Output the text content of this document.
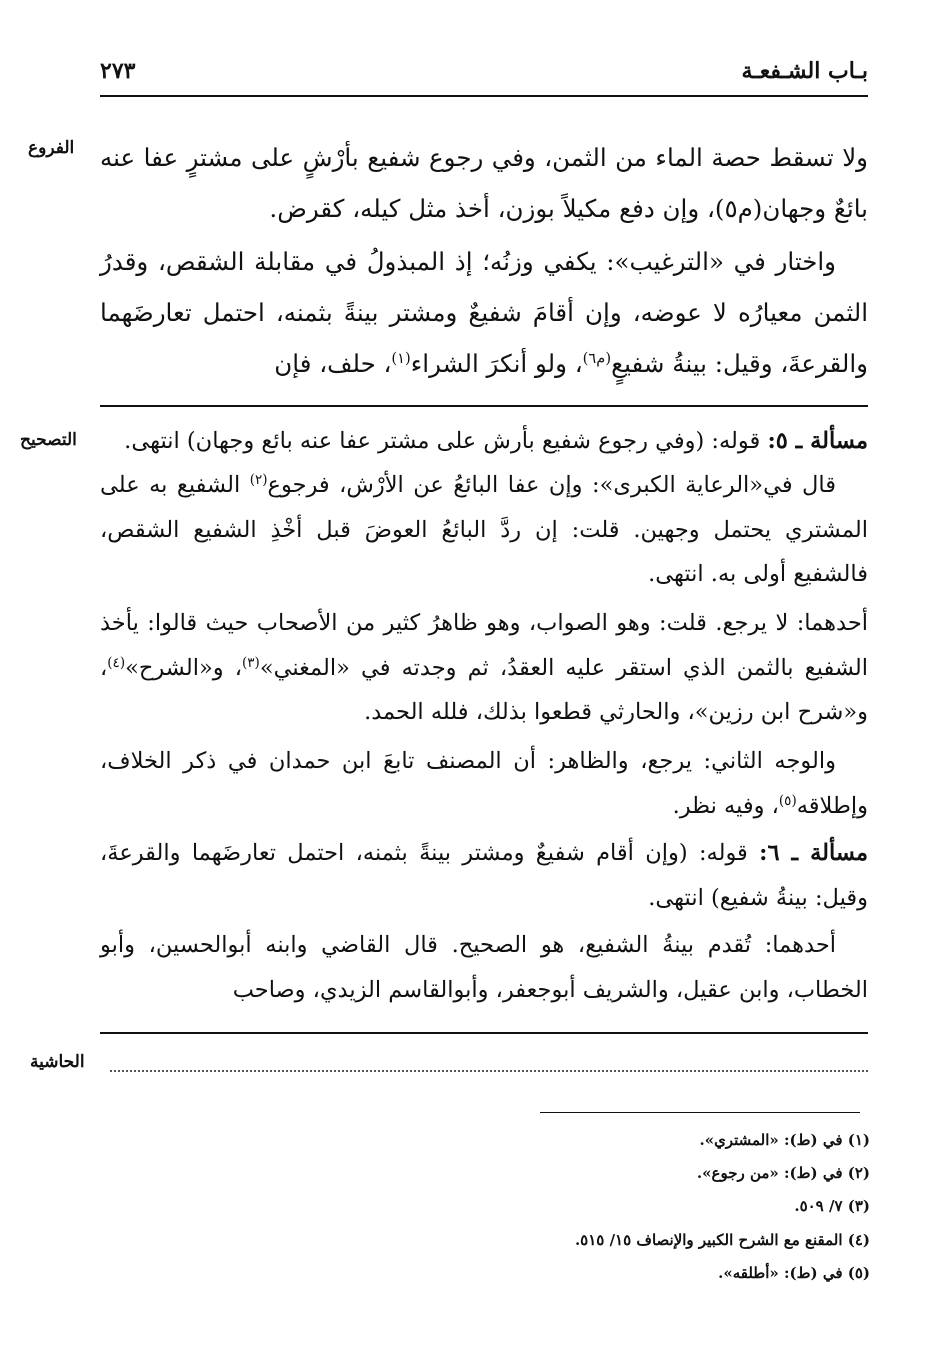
بـاب الشـفعـة
٢٧٣
الفروع
التصحيح
الحاشية
ولا تسقط حصة الماء من الثمن، وفي رجوع شفيع بأرْشٍ على مشترٍ عفا عنه بائعٌ وجهان(م٥)، وإن دفع مكيلاً بوزن، أخذ مثل كيله، كقرض.
واختار في «الترغيب»: يكفي وزنُه؛ إذ المبذولُ في مقابلة الشقص، وقدرُ الثمن معيارُه لا عوضه، وإن أقامَ شفيعٌ ومشتر بينةً بثمنه، احتمل تعارضَهما والقرعةَ، وقيل: بينةُ شفيعٍ$^{(م٦)}$، ولو أنكرَ الشراء$^{(١)}$، حلف، فإن
مسألة ـ ٥: قوله: (وفي رجوع شفيع بأرش على مشتر عفا عنه بائع وجهان) انتهى.
قال في«الرعاية الكبرى»: وإن عفا البائعُ عن الأرْش، فرجوع$^{(٢)}$ الشفيع به على المشتري يحتمل وجهين. قلت: إن ردَّ البائعُ العوضَ قبل أخْذِ الشفيع الشقص، فالشفيع أولى به. انتهى.
أحدهما: لا يرجع. قلت: وهو الصواب، وهو ظاهرُ كثير من الأصحاب حيث قالوا: يأخذ الشفيع بالثمن الذي استقر عليه العقدُ، ثم وجدته في «المغني»$^{(٣)}$، و«الشرح»$^{(٤)}$، و«شرح ابن رزين»، والحارثي قطعوا بذلك، فلله الحمد.
والوجه الثاني: يرجع، والظاهر: أن المصنف تابعَ ابن حمدان في ذكر الخلاف، وإطلاقه$^{(٥)}$، وفيه نظر.
مسألة ـ ٦: قوله: (وإن أقام شفيعٌ ومشتر بينةً بثمنه، احتمل تعارضَهما والقرعةَ، وقيل: بينةُ شفيع) انتهى.
أحدهما: تُقدم بينةُ الشفيع، هو الصحيح. قال القاضي وابنه أبوالحسين، وأبو الخطاب، وابن عقيل، والشريف أبوجعفر، وأبوالقاسم الزيدي، وصاحب
(١) في (ط): «المشتري».
(٢) في (ط): «من رجوع».
(٣) ٧/ ٥٠٩.
(٤) المقنع مع الشرح الكبير والإنصاف ١٥/ ٥١٥.
(٥) في (ط): «أطلقه».
